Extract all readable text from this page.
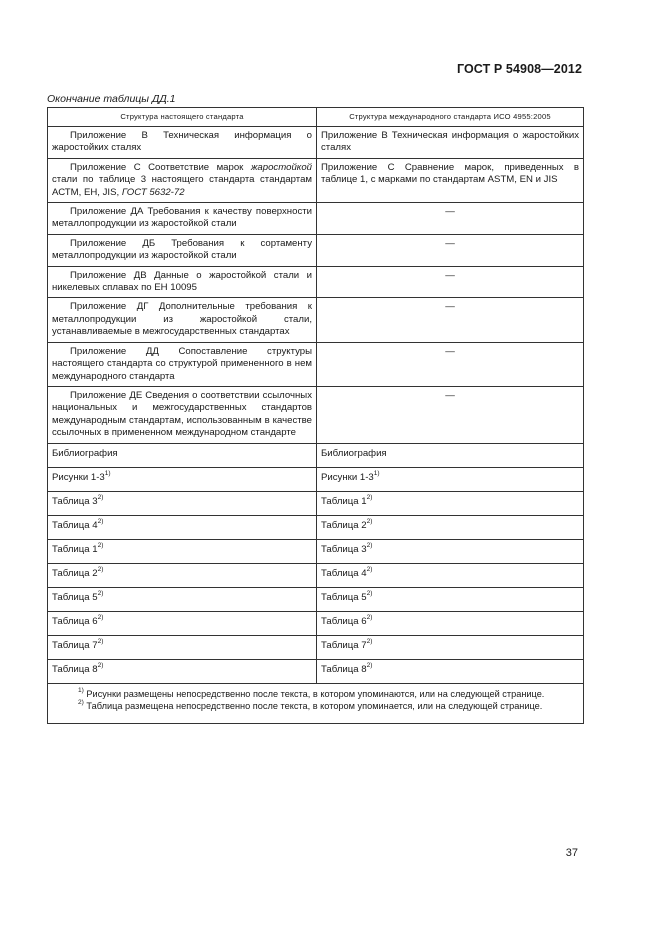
ГОСТ Р 54908—2012
Окончание таблицы ДД.1
Структура настоящего стандарта	Структура международного стандарта ИСО 4955:2005
Приложение В Техническая информация о жаростойких сталях	Приложение В Техническая информация о жаростойких сталях
Приложение С Соответствие марок жаростойкой стали по таблице 3 настоящего стандарта стандартам АСТМ, ЕН, JIS, ГОСТ 5632-72	Приложение С Сравнение марок, приведенных в таблице 1, с марками по стандартам ASTM, EN и JIS
Приложение ДА Требования к качеству поверхности металлопродукции из жаростойкой стали	—
Приложение ДБ Требования к сортаменту металлопродукции из жаростойкой стали	—
Приложение ДВ Данные о жаростойкой стали и никелевых сплавах по ЕН 10095	—
Приложение ДГ Дополнительные требования к металлопродукции из жаростойкой стали, устанавливаемые в межгосударственных стандартах	—
Приложение ДД Сопоставление структуры настоящего стандарта со структурой примененного в нем международного стандарта	—
Приложение ДЕ Сведения о соответствии ссылочных национальных и межгосударственных стандартов международным стандартам, использованным в качестве ссылочных в примененном международном стандарте	—
Библиография	Библиография
Рисунки 1-3$^{1)}$	Рисунки 1-3$^{1)}$
Таблица 3$^{2)}$	Таблица 1$^{2)}$
Таблица 4$^{2)}$	Таблица 2$^{2)}$
Таблица 1$^{2)}$	Таблица 3$^{2)}$
Таблица 2$^{2)}$	Таблица 4$^{2)}$
Таблица 5$^{2)}$	Таблица 5$^{2)}$
Таблица 6$^{2)}$	Таблица 6$^{2)}$
Таблица 7$^{2)}$	Таблица 7$^{2)}$
Таблица 8$^{2)}$	Таблица 8$^{2)}$

$^{1)}$ Рисунки размещены непосредственно после текста, в котором упоминаются, или на следующей странице.
$^{2)}$ Таблица размещена непосредственно после текста, в котором упоминается, или на следующей странице.	
37
